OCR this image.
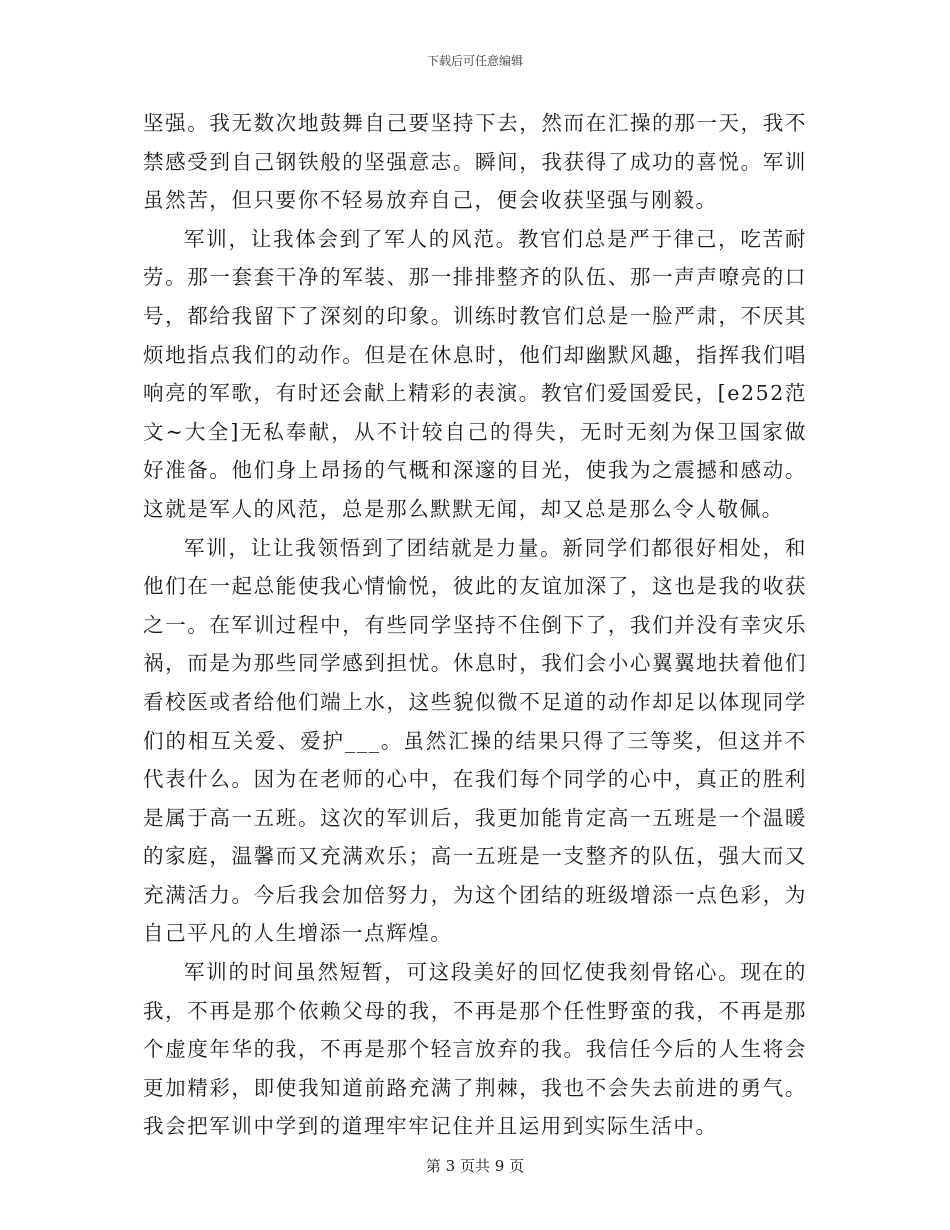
下载后可任意编辑

坚强。我无数次地鼓舞自己要坚持下去，然而在汇操的那一天，我不禁感受到自己钢铁般的坚强意志。瞬间，我获得了成功的喜悦。军训虽然苦，但只要你不轻易放弃自己，便会收获坚强与刚毅。

军训，让我体会到了军人的风范。教官们总是严于律己，吃苦耐劳。那一套套干净的军装、那一排排整齐的队伍、那一声声嘹亮的口号，都给我留下了深刻的印象。训练时教官们总是一脸严肃，不厌其烦地指点我们的动作。但是在休息时，他们却幽默风趣，指挥我们唱响亮的军歌，有时还会献上精彩的表演。教官们爱国爱民，[e252范文~大全]无私奉献，从不计较自己的得失，无时无刻为保卫国家做好准备。他们身上昂扬的气概和深邃的目光，使我为之震撼和感动。这就是军人的风范，总是那么默默无闻，却又总是那么令人敬佩。

军训，让让我领悟到了团结就是力量。新同学们都很好相处，和他们在一起总能使我心情愉悦，彼此的友谊加深了，这也是我的收获之一。在军训过程中，有些同学坚持不住倒下了，我们并没有幸灾乐祸，而是为那些同学感到担忧。休息时，我们会小心翼翼地扶着他们看校医或者给他们端上水，这些貌似微不足道的动作却足以体现同学们的相互关爱、爱护___。虽然汇操的结果只得了三等奖，但这并不代表什么。因为在老师的心中，在我们每个同学的心中，真正的胜利是属于高一五班。这次的军训后，我更加能肯定高一五班是一个温暖的家庭，温馨而又充满欢乐；高一五班是一支整齐的队伍，强大而又充满活力。今后我会加倍努力，为这个团结的班级增添一点色彩，为自己平凡的人生增添一点辉煌。

军训的时间虽然短暂，可这段美好的回忆使我刻骨铭心。现在的我，不再是那个依赖父母的我，不再是那个任性野蛮的我，不再是那个虚度年华的我，不再是那个轻言放弃的我。我信任今后的人生将会更加精彩，即使我知道前路充满了荆棘，我也不会失去前进的勇气。我会把军训中学到的道理牢牢记住并且运用到实际生活中。

第 3 页共 9 页
